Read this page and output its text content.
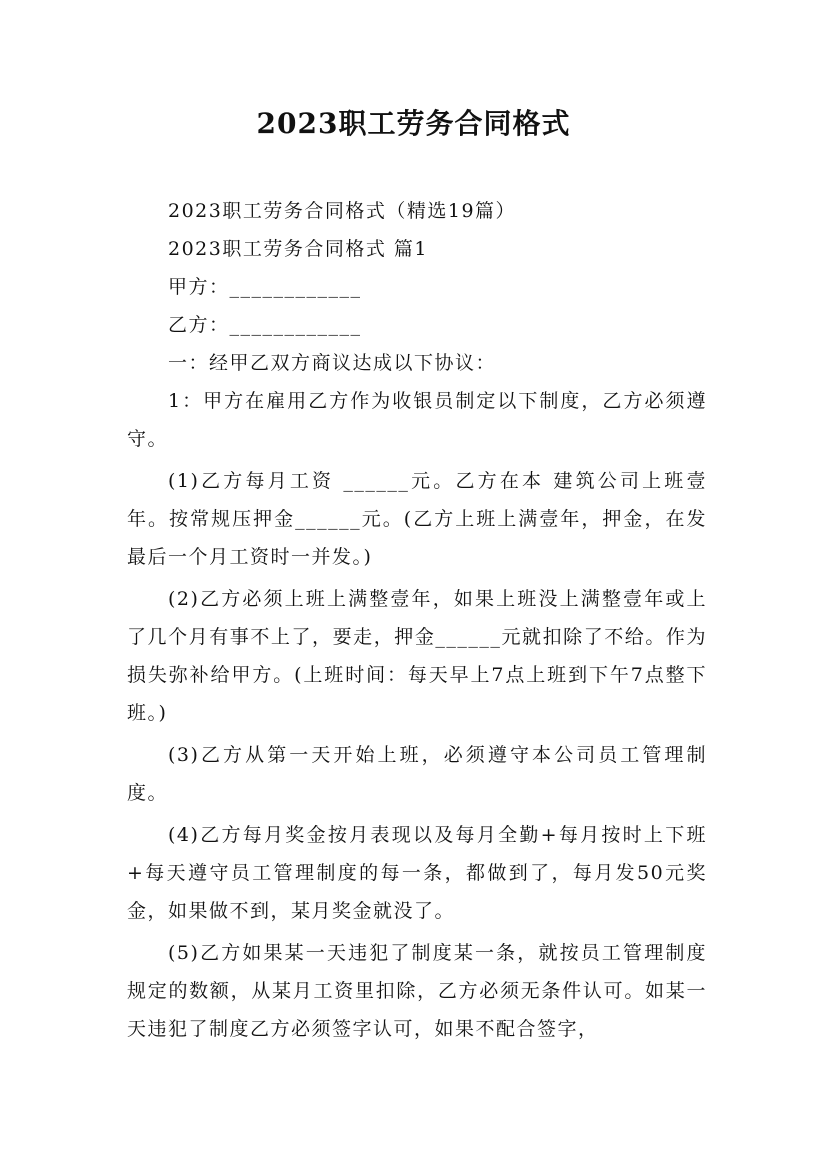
2023职工劳务合同格式

2023职工劳务合同格式（精选19篇）

2023职工劳务合同格式 篇1

甲方：____________

乙方：____________

一：经甲乙双方商议达成以下协议：

1：甲方在雇用乙方作为收银员制定以下制度，乙方必须遵守。

(1)乙方每月工资 ______元。乙方在本 建筑公司上班壹年。按常规压押金______元。(乙方上班上满壹年，押金，在发最后一个月工资时一并发。)

(2)乙方必须上班上满整壹年，如果上班没上满整壹年或上了几个月有事不上了，要走，押金______元就扣除了不给。作为损失弥补给甲方。(上班时间：每天早上7点上班到下午7点整下班。)

(3)乙方从第一天开始上班，必须遵守本公司员工管理制度。

(4)乙方每月奖金按月表现以及每月全勤+每月按时上下班+每天遵守员工管理制度的每一条，都做到了，每月发50元奖金，如果做不到，某月奖金就没了。

(5)乙方如果某一天违犯了制度某一条，就按员工管理制度规定的数额，从某月工资里扣除，乙方必须无条件认可。如某一天违犯了制度乙方必须签字认可，如果不配合签字，
